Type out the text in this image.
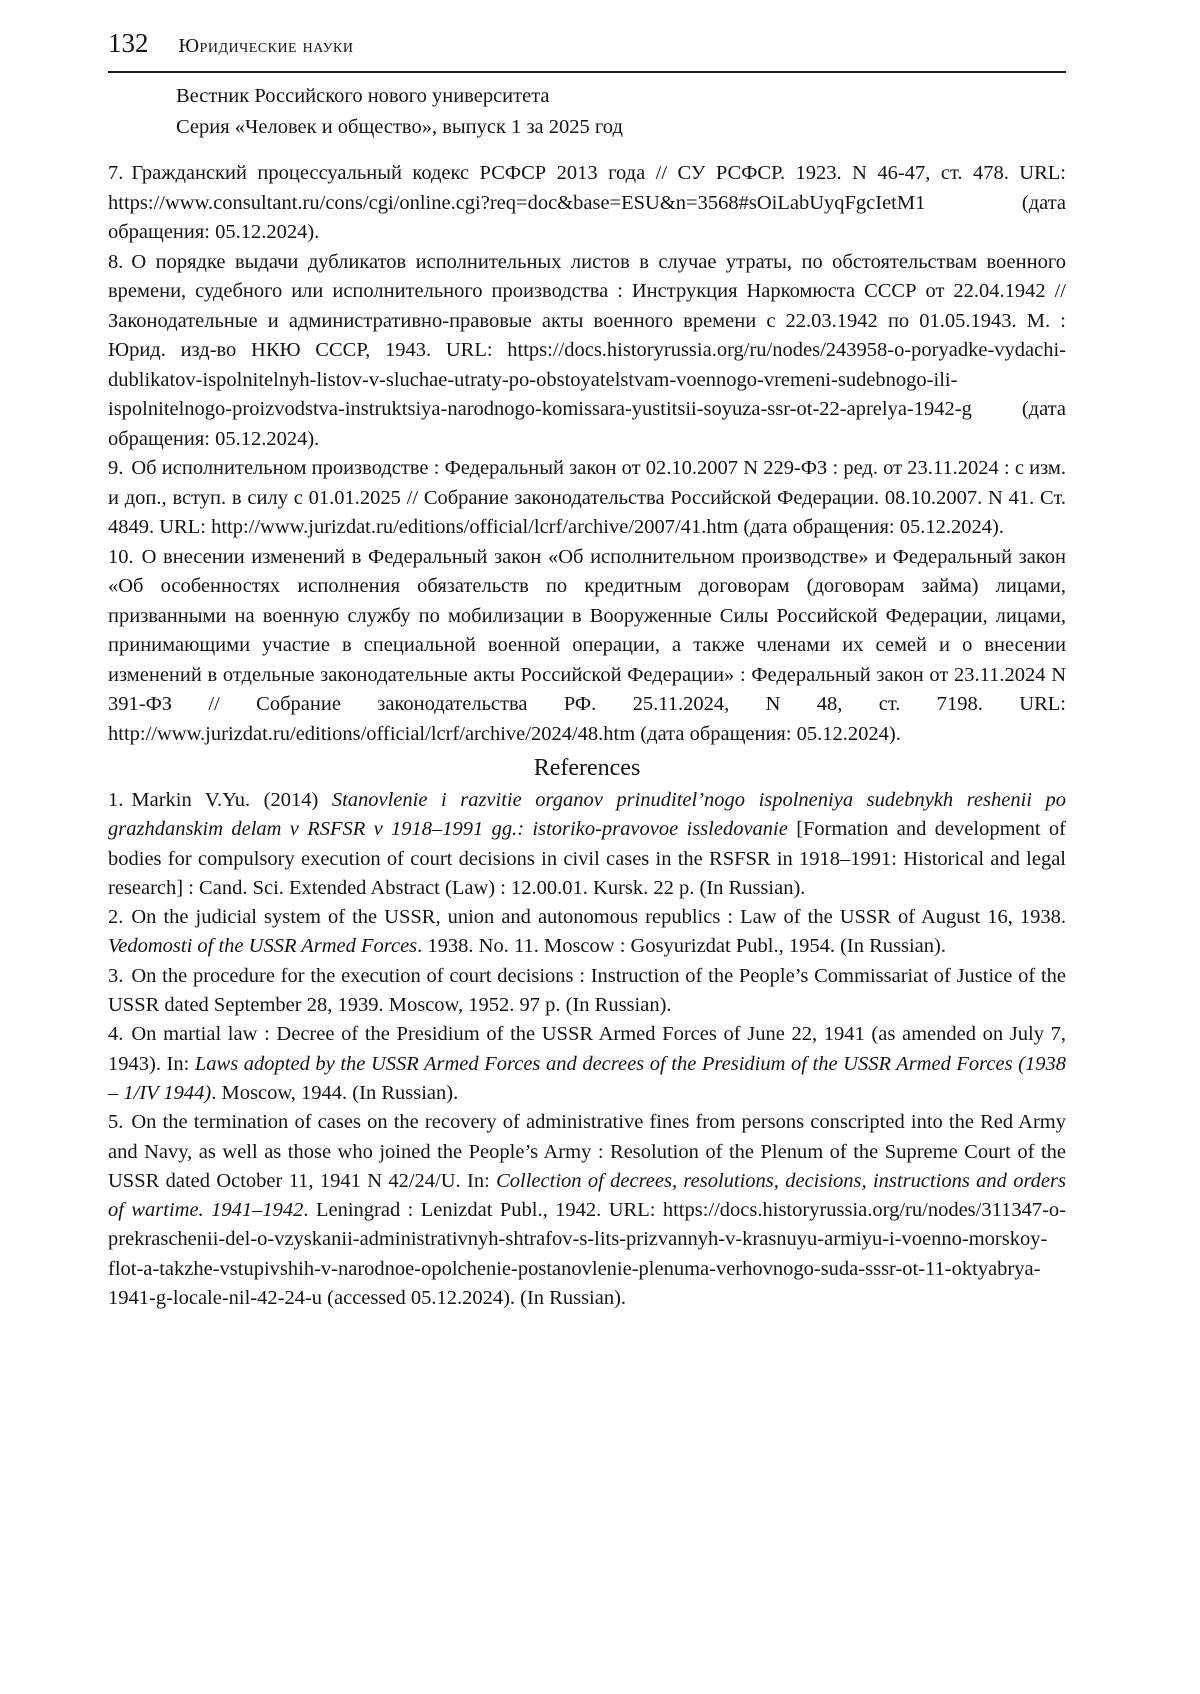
132 Юридические науки
Вестник Российского нового университета
Серия «Человек и общество», выпуск 1 за 2025 год

7. Гражданский процессуальный кодекс РСФСР 2013 года // СУ РСФСР. 1923. N 46-47, ст. 478. URL: https://www.consultant.ru/cons/cgi/online.cgi?req=doc&base=ESU&n=3568#sOiLabUyqFgcIetM1 (дата обращения: 05.12.2024).

8. О порядке выдачи дубликатов исполнительных листов в случае утраты, по обстоятельствам военного времени, судебного или исполнительного производства : Инструкция Наркомюста СССР от 22.04.1942 // Законодательные и административно-правовые акты военного времени с 22.03.1942 по 01.05.1943. М. : Юрид. изд-во НКЮ СССР, 1943. URL: https://docs.historyrussia.org/ru/nodes/243958-o-poryadke-vydachi-dublikatov-ispolnitelnyh-listov-v-sluchae-utraty-po-obstoyatelstvam-voennogo-vremeni-sudebnogo-ili-ispolnitelnogo-proizvodstva-instruktsiya-narodnogo-komissara-yustitsii-soyuza-ssr-ot-22-aprelya-1942-g (дата обращения: 05.12.2024).

9. Об исполнительном производстве : Федеральный закон от 02.10.2007 N 229-ФЗ : ред. от 23.11.2024 : с изм. и доп., вступ. в силу с 01.01.2025 // Собрание законодательства Российской Федерации. 08.10.2007. N 41. Ст. 4849. URL: http://www.jurizdat.ru/editions/official/lcrf/archive/2007/41.htm (дата обращения: 05.12.2024).

10. О внесении изменений в Федеральный закон «Об исполнительном производстве» и Федеральный закон «Об особенностях исполнения обязательств по кредитным договорам (договорам займа) лицами, призванными на военную службу по мобилизации в Вооруженные Силы Российской Федерации, лицами, принимающими участие в специальной военной операции, а также членами их семей и о внесении изменений в отдельные законодательные акты Российской Федерации» : Федеральный закон от 23.11.2024 N 391-ФЗ // Собрание законодательства РФ. 25.11.2024, N 48, ст. 7198. URL: http://www.jurizdat.ru/editions/official/lcrf/archive/2024/48.htm (дата обращения: 05.12.2024).

References

1. Markin V.Yu. (2014) Stanovlenie i razvitie organov prinuditel’nogo ispolneniya sudebnykh reshenii po grazhdanskim delam v RSFSR v 1918–1991 gg.: istoriko-pravovoe issledovanie [Formation and development of bodies for compulsory execution of court decisions in civil cases in the RSFSR in 1918–1991: Historical and legal research] : Cand. Sci. Extended Abstract (Law) : 12.00.01. Kursk. 22 p. (In Russian).

2. On the judicial system of the USSR, union and autonomous republics : Law of the USSR of August 16, 1938. Vedomosti of the USSR Armed Forces. 1938. No. 11. Moscow : Gosyurizdat Publ., 1954. (In Russian).

3. On the procedure for the execution of court decisions : Instruction of the People’s Commissariat of Justice of the USSR dated September 28, 1939. Moscow, 1952. 97 p. (In Russian).

4. On martial law : Decree of the Presidium of the USSR Armed Forces of June 22, 1941 (as amended on July 7, 1943). In: Laws adopted by the USSR Armed Forces and decrees of the Presidium of the USSR Armed Forces (1938 – 1/IV 1944). Moscow, 1944. (In Russian).

5. On the termination of cases on the recovery of administrative fines from persons conscripted into the Red Army and Navy, as well as those who joined the People’s Army : Resolution of the Plenum of the Supreme Court of the USSR dated October 11, 1941 N 42/24/U. In: Collection of decrees, resolutions, decisions, instructions and orders of wartime. 1941–1942. Leningrad : Lenizdat Publ., 1942. URL: https://docs.historyrussia.org/ru/nodes/311347-o-prekraschenii-del-o-vzyskanii-administrativnyh-shtrafov-s-lits-prizvannyh-v-krasnuyu-armiyu-i-voenno-morskoy-flot-a-takzhe-vstupivshih-v-narodnoe-opolchenie-postanovlenie-plenuma-verhovnogo-suda-sssr-ot-11-oktyabrya-1941-g-locale-nil-42-24-u (accessed 05.12.2024). (In Russian).
